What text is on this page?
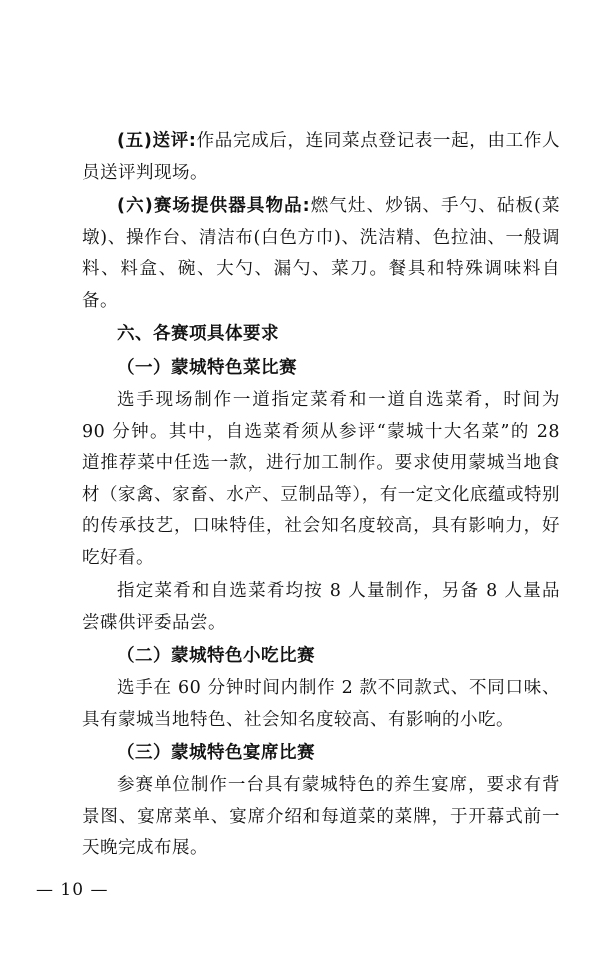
(五)送评:作品完成后，连同菜点登记表一起，由工作人员送评判现场。

(六)赛场提供器具物品:燃气灶、炒锅、手勺、砧板(菜墩)、操作台、清洁布(白色方巾)、洗洁精、色拉油、一般调料、料盒、碗、大勺、漏勺、菜刀。餐具和特殊调味料自备。

六、各赛项具体要求

（一）蒙城特色菜比赛

选手现场制作一道指定菜肴和一道自选菜肴，时间为 90 分钟。其中，自选菜肴须从参评“蒙城十大名菜”的 28 道推荐菜中任选一款，进行加工制作。要求使用蒙城当地食材（家禽、家畜、水产、豆制品等），有一定文化底蕴或特别的传承技艺，口味特佳，社会知名度较高，具有影响力，好吃好看。

指定菜肴和自选菜肴均按 8 人量制作，另备 8 人量品尝碟供评委品尝。

（二）蒙城特色小吃比赛

选手在 60 分钟时间内制作 2 款不同款式、不同口味、具有蒙城当地特色、社会知名度较高、有影响的小吃。

（三）蒙城特色宴席比赛

参赛单位制作一台具有蒙城特色的养生宴席，要求有背景图、宴席菜单、宴席介绍和每道菜的菜牌，于开幕式前一天晚完成布展。

— 10 —
